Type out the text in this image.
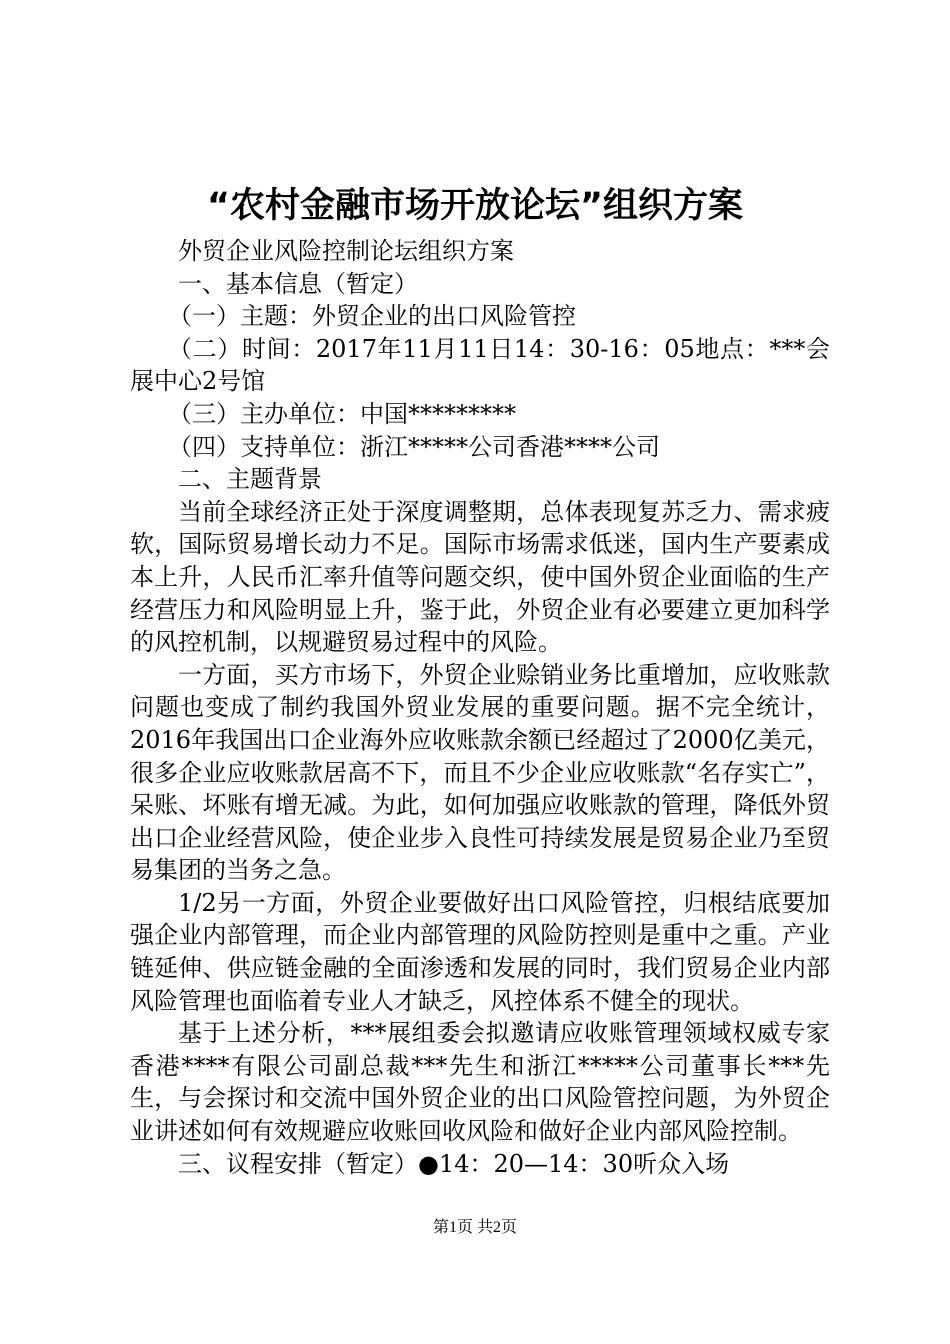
“农村金融市场开放论坛”组织方案

外贸企业风险控制论坛组织方案

一、基本信息（暂定）

（一）主题：外贸企业的出口风险管控

（二）时间：2017年11月11日14：30-16：05地点：***会展中心2号馆

（三）主办单位：中国*********

（四）支持单位：浙江*****公司香港****公司

二、主题背景

当前全球经济正处于深度调整期，总体表现复苏乏力、需求疲软，国际贸易增长动力不足。国际市场需求低迷，国内生产要素成本上升，人民币汇率升值等问题交织，使中国外贸企业面临的生产经营压力和风险明显上升，鉴于此，外贸企业有必要建立更加科学的风控机制，以规避贸易过程中的风险。

一方面，买方市场下，外贸企业赊销业务比重增加，应收账款问题也变成了制约我国外贸业发展的重要问题。据不完全统计，2016年我国出口企业海外应收账款余额已经超过了2000亿美元，很多企业应收账款居高不下，而且不少企业应收账款“名存实亡”，呆账、坏账有增无减。为此，如何加强应收账款的管理，降低外贸出口企业经营风险，使企业步入良性可持续发展是贸易企业乃至贸易集团的当务之急。

1/2另一方面，外贸企业要做好出口风险管控，归根结底要加强企业内部管理，而企业内部管理的风险防控则是重中之重。产业链延伸、供应链金融的全面渗透和发展的同时，我们贸易企业内部风险管理也面临着专业人才缺乏，风控体系不健全的现状。

基于上述分析，***展组委会拟邀请应收账管理领域权威专家香港****有限公司副总裁***先生和浙江*****公司董事长***先生，与会探讨和交流中国外贸企业的出口风险管控问题，为外贸企业讲述如何有效规避应收账回收风险和做好企业内部风险控制。

三、议程安排（暂定）●14：20—14：30听众入场

第1页 共2页
